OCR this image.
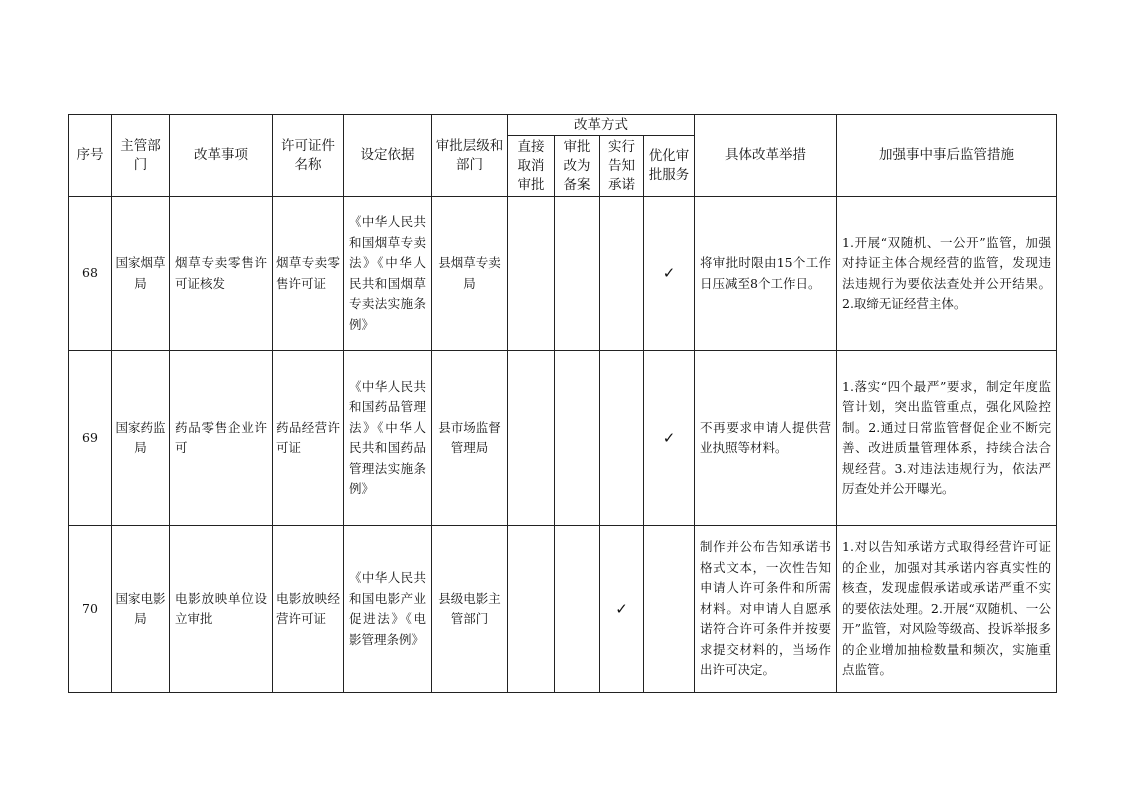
序号	主管部门	改革事项	许可证件名称	设定依据	审批层级和部门	改革方式				具体改革举措	加强事中事后监管措施
						直接取消审批	审批改为备案	实行告知承诺	优化审批服务		
68	国家烟草局	烟草专卖零售许可证核发	烟草专卖零售许可证	《中华人民共和国烟草专卖法》《中华人民共和国烟草专卖法实施条例》	县烟草专卖局				✓	将审批时限由15个工作日压减至8个工作日。	1.开展“双随机、一公开”监管，加强对持证主体合规经营的监管，发现违法违规行为要依法查处并公开结果。2.取缔无证经营主体。
69	国家药监局	药品零售企业许可	药品经营许可证	《中华人民共和国药品管理法》《中华人民共和国药品管理法实施条例》	县市场监督管理局				✓	不再要求申请人提供营业执照等材料。	1.落实“四个最严”要求，制定年度监管计划，突出监管重点，强化风险控制。2.通过日常监管督促企业不断完善、改进质量管理体系，持续合法合规经营。3.对违法违规行为，依法严厉查处并公开曝光。
70	国家电影局	电影放映单位设立审批	电影放映经营许可证	《中华人民共和国电影产业促进法》《电影管理条例》	县级电影主管部门			✓		制作并公布告知承诺书格式文本，一次性告知申请人许可条件和所需材料。对申请人自愿承诺符合许可条件并按要求提交材料的，当场作出许可决定。	1.对以告知承诺方式取得经营许可证的企业，加强对其承诺内容真实性的核查，发现虚假承诺或承诺严重不实的要依法处理。2.开展“双随机、一公开”监管，对风险等级高、投诉举报多的企业增加抽检数量和频次，实施重点监管。
